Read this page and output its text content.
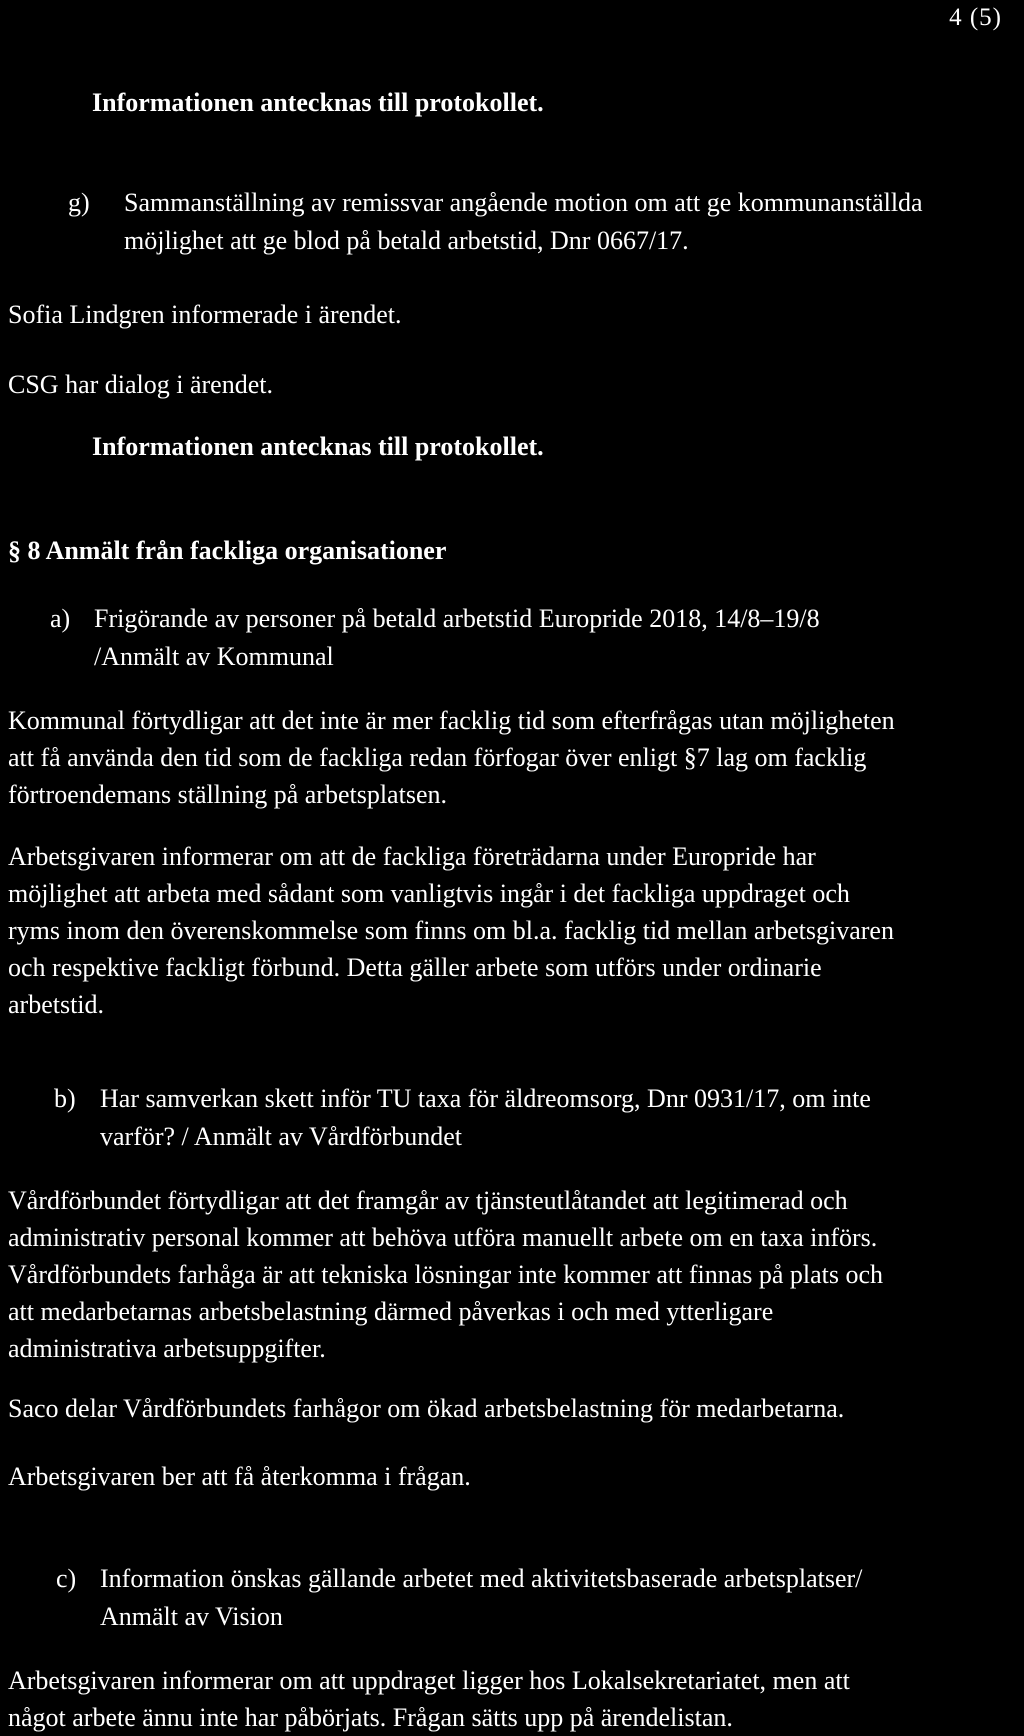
4 (5)
Informationen antecknas till protokollet.
g) Sammanställning av remissvar angående motion om att ge kommunanställda
möjlighet att ge blod på betald arbetstid, Dnr 0667/17.
Sofia Lindgren informerade i ärendet.
CSG har dialog i ärendet.
Informationen antecknas till protokollet.
§ 8 Anmält från fackliga organisationer
a) Frigörande av personer på betald arbetstid Europride 2018, 14/8–19/8
/Anmält av Kommunal
Kommunal förtydligar att det inte är mer facklig tid som efterfrågas utan möjligheten
att få använda den tid som de fackliga redan förfogar över enligt §7 lag om facklig
förtroendemans ställning på arbetsplatsen.
Arbetsgivaren informerar om att de fackliga företrädarna under Europride har
möjlighet att arbeta med sådant som vanligtvis ingår i det fackliga uppdraget och
ryms inom den överenskommelse som finns om bl.a. facklig tid mellan arbetsgivaren
och respektive fackligt förbund. Detta gäller arbete som utförs under ordinarie
arbetstid.
b) Har samverkan skett inför TU taxa för äldreomsorg, Dnr 0931/17, om inte
varför? / Anmält av Vårdförbundet
Vårdförbundet förtydligar att det framgår av tjänsteutlåtandet att legitimerad och
administrativ personal kommer att behöva utföra manuellt arbete om en taxa införs.
Vårdförbundets farhåga är att tekniska lösningar inte kommer att finnas på plats och
att medarbetarnas arbetsbelastning därmed påverkas i och med ytterligare
administrativa arbetsuppgifter.
Saco delar Vårdförbundets farhågor om ökad arbetsbelastning för medarbetarna.
Arbetsgivaren ber att få återkomma i frågan.
c) Information önskas gällande arbetet med aktivitetsbaserade arbetsplatser/
Anmält av Vision
Arbetsgivaren informerar om att uppdraget ligger hos Lokalsekretariatet, men att
något arbete ännu inte har påbörjats. Frågan sätts upp på ärendelistan.
